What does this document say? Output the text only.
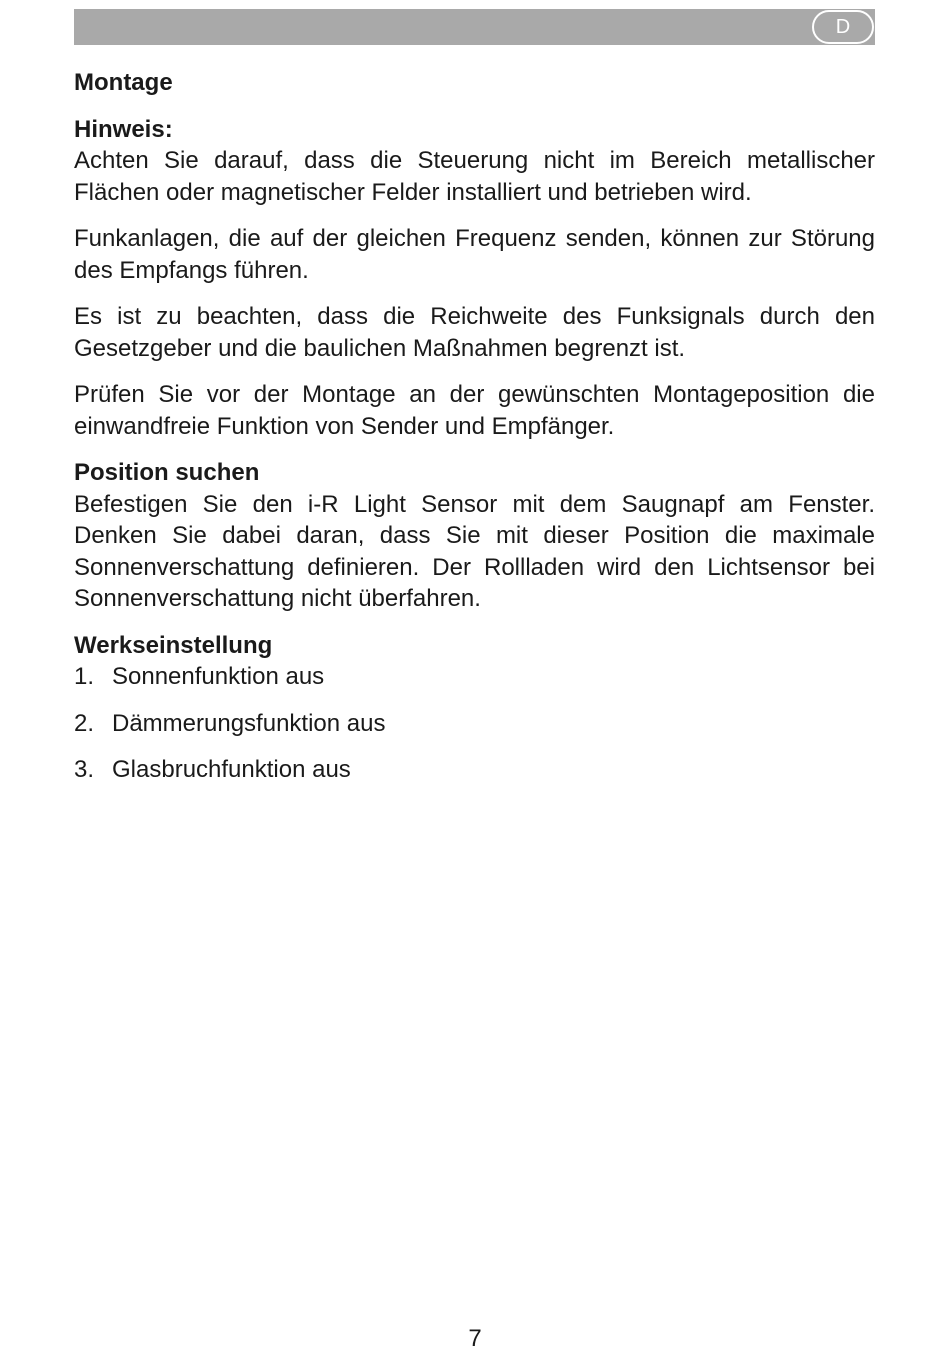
D
Montage
Hinweis:

Achten Sie darauf, dass die Steuerung nicht im Bereich metallischer Flächen oder magnetischer Felder installiert und betrieben wird.

Funkanlagen, die auf der gleichen Frequenz senden, können zur Störung des Empfangs führen.

Es ist zu beachten, dass die Reichweite des Funksignals durch den Gesetzgeber und die baulichen Maßnahmen begrenzt ist.

Prüfen Sie vor der Montage an der gewünschten Montageposition die einwandfreie Funktion von Sender und Empfänger.

Position suchen

Befestigen Sie den i-R Light Sensor mit dem Saugnapf am Fenster. Denken Sie dabei daran, dass Sie mit dieser Position die maximale Sonnenverschattung definieren. Der Rollladen wird den Lichtsensor bei Sonnenverschattung nicht überfahren.

Werkseinstellung
1. Sonnenfunktion aus
2. Dämmerungsfunktion aus
3. Glasbruchfunktion aus
7
